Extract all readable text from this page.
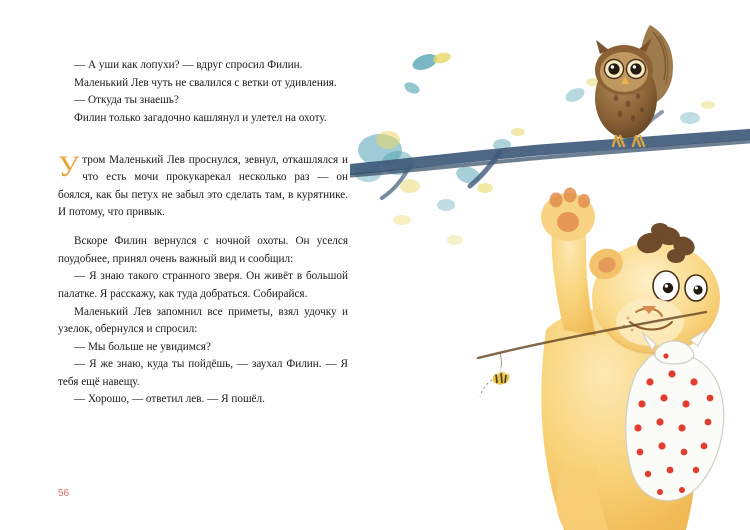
— А уши как лопухи? — вдруг спросил Филин.

Маленький Лев чуть не свалился с ветки от удивления.

— Откуда ты знаешь?

Филин только загадочно кашлянул и улетел на охоту.

Утром Маленький Лев проснулся, зевнул, откашлялся и что есть мочи прокукарекал несколько раз — он боялся, как бы петух не забыл это сделать там, в курятнике. И потому, что привык.

Вскоре Филин вернулся с ночной охоты. Он уселся поудобнее, принял очень важный вид и сообщил:

— Я знаю такого странного зверя. Он живёт в большой палатке. Я расскажу, как туда добраться. Собирайся.

Маленький Лев запомнил все приметы, взял удочку и узелок, обернулся и спросил:

— Мы больше не увидимся?

— Я же знаю, куда ты пойдёшь, — заухал Филин. — Я тебя ещё навещу.

— Хорошо, — ответил лев. — Я пошёл.

56
